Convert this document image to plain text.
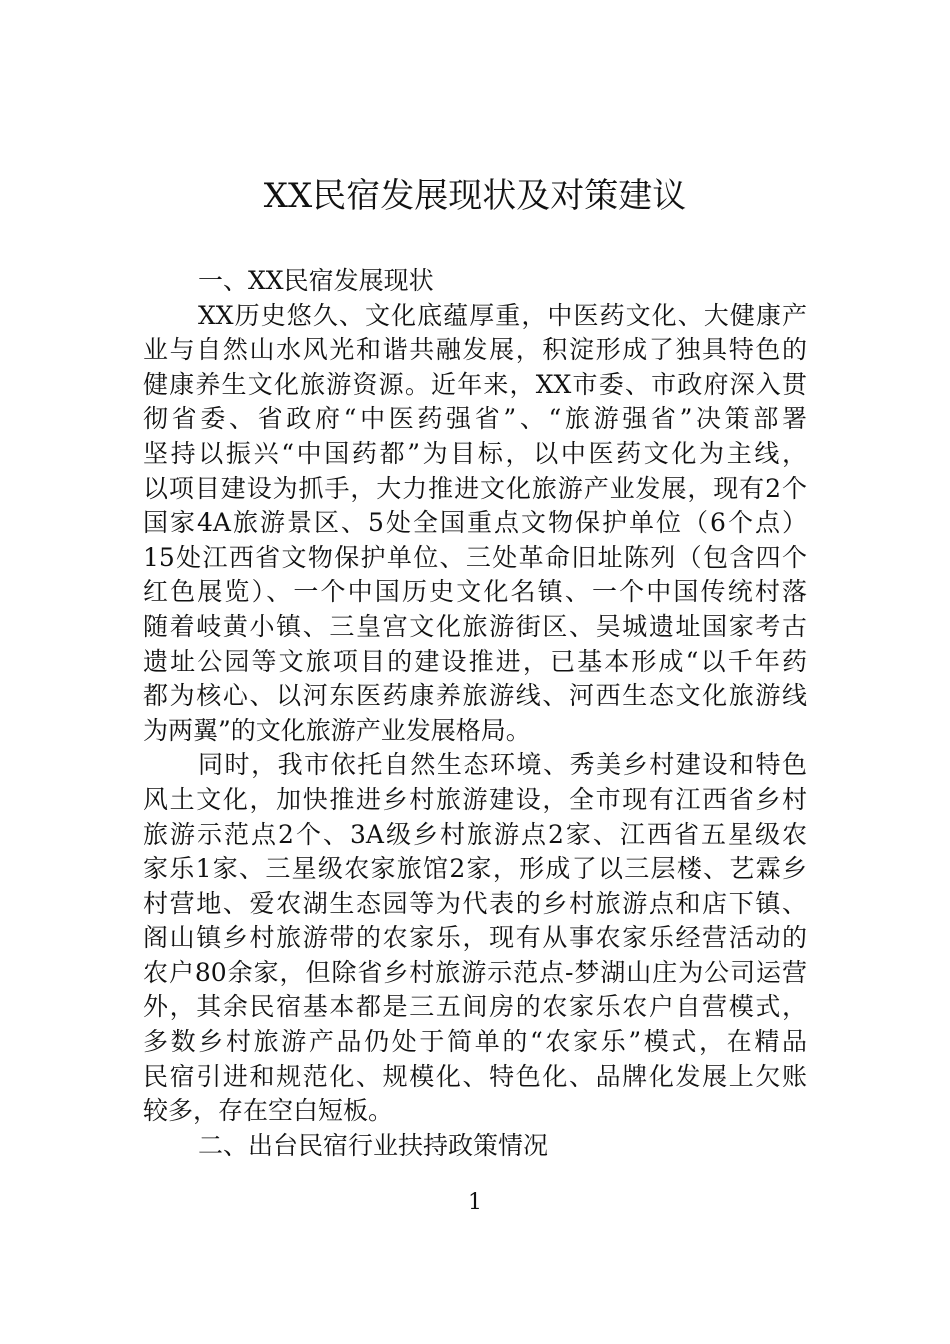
XX民宿发展现状及对策建议
一、XX民宿发展现状
XX历史悠久、文化底蕴厚重，中医药文化、大健康产
业与自然山水风光和谐共融发展，积淀形成了独具特色的
健康养生文化旅游资源。近年来，XX市委、市政府深入贯
彻省委、省政府“中医药强省”、“旅游强省”决策部署
坚持以振兴“中国药都”为目标，以中医药文化为主线，
以项目建设为抓手，大力推进文化旅游产业发展，现有2个
国家4A旅游景区、5处全国重点文物保护单位（6个点）
15处江西省文物保护单位、三处革命旧址陈列（包含四个
红色展览）、一个中国历史文化名镇、一个中国传统村落
随着岐黄小镇、三皇宫文化旅游街区、吴城遗址国家考古
遗址公园等文旅项目的建设推进，已基本形成“以千年药
都为核心、以河东医药康养旅游线、河西生态文化旅游线
为两翼”的文化旅游产业发展格局。
同时，我市依托自然生态环境、秀美乡村建设和特色
风土文化，加快推进乡村旅游建设，全市现有江西省乡村
旅游示范点2个、3A级乡村旅游点2家、江西省五星级农
家乐1家、三星级农家旅馆2家，形成了以三层楼、艺霖乡
村营地、爱农湖生态园等为代表的乡村旅游点和店下镇、
阁山镇乡村旅游带的农家乐，现有从事农家乐经营活动的
农户80余家，但除省乡村旅游示范点-梦湖山庄为公司运营
外，其余民宿基本都是三五间房的农家乐农户自营模式，
多数乡村旅游产品仍处于简单的“农家乐”模式，在精品
民宿引进和规范化、规模化、特色化、品牌化发展上欠账
较多，存在空白短板。
二、出台民宿行业扶持政策情况
1
